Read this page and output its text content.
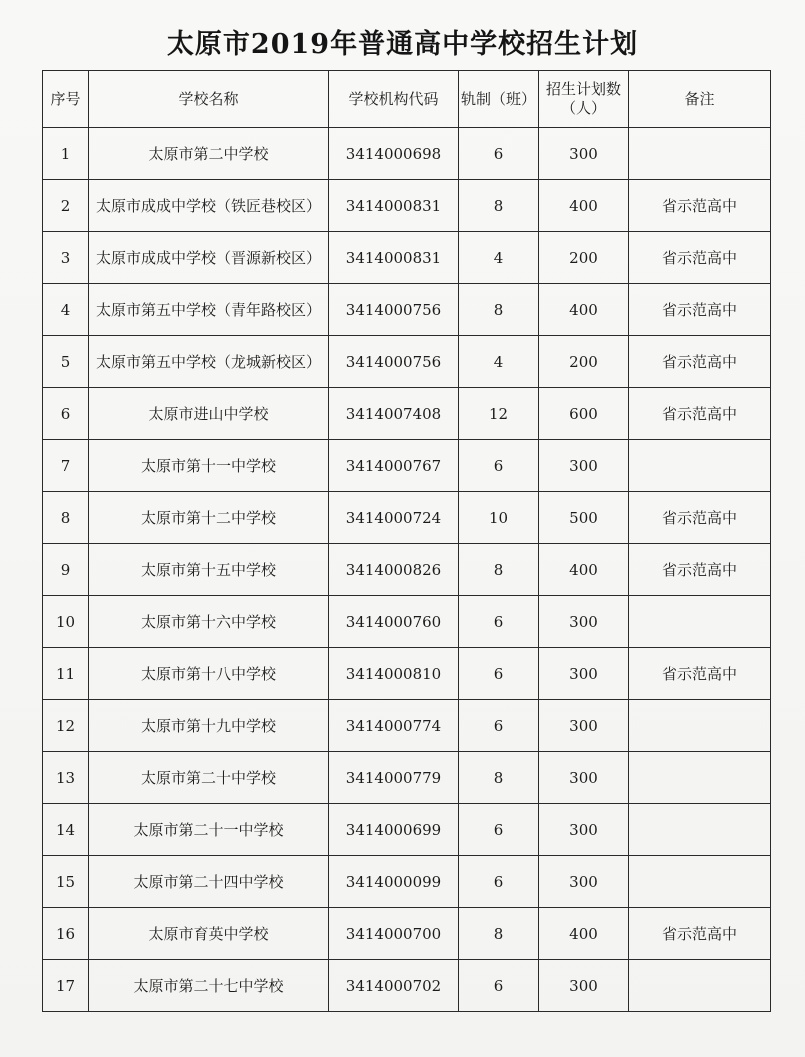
太原市2019年普通高中学校招生计划
序号	学校名称	学校机构代码	轨制（班）	招生计划数（人）	备注
1	太原市第二中学校	3414000698	6	300	
2	太原市成成中学校（铁匠巷校区）	3414000831	8	400	省示范高中
3	太原市成成中学校（晋源新校区）	3414000831	4	200	省示范高中
4	太原市第五中学校（青年路校区）	3414000756	8	400	省示范高中
5	太原市第五中学校（龙城新校区）	3414000756	4	200	省示范高中
6	太原市进山中学校	3414007408	12	600	省示范高中
7	太原市第十一中学校	3414000767	6	300	
8	太原市第十二中学校	3414000724	10	500	省示范高中
9	太原市第十五中学校	3414000826	8	400	省示范高中
10	太原市第十六中学校	3414000760	6	300	
11	太原市第十八中学校	3414000810	6	300	省示范高中
12	太原市第十九中学校	3414000774	6	300	
13	太原市第二十中学校	3414000779	8	300	
14	太原市第二十一中学校	3414000699	6	300	
15	太原市第二十四中学校	3414000099	6	300	
16	太原市育英中学校	3414000700	8	400	省示范高中
17	太原市第二十七中学校	3414000702	6	300	
